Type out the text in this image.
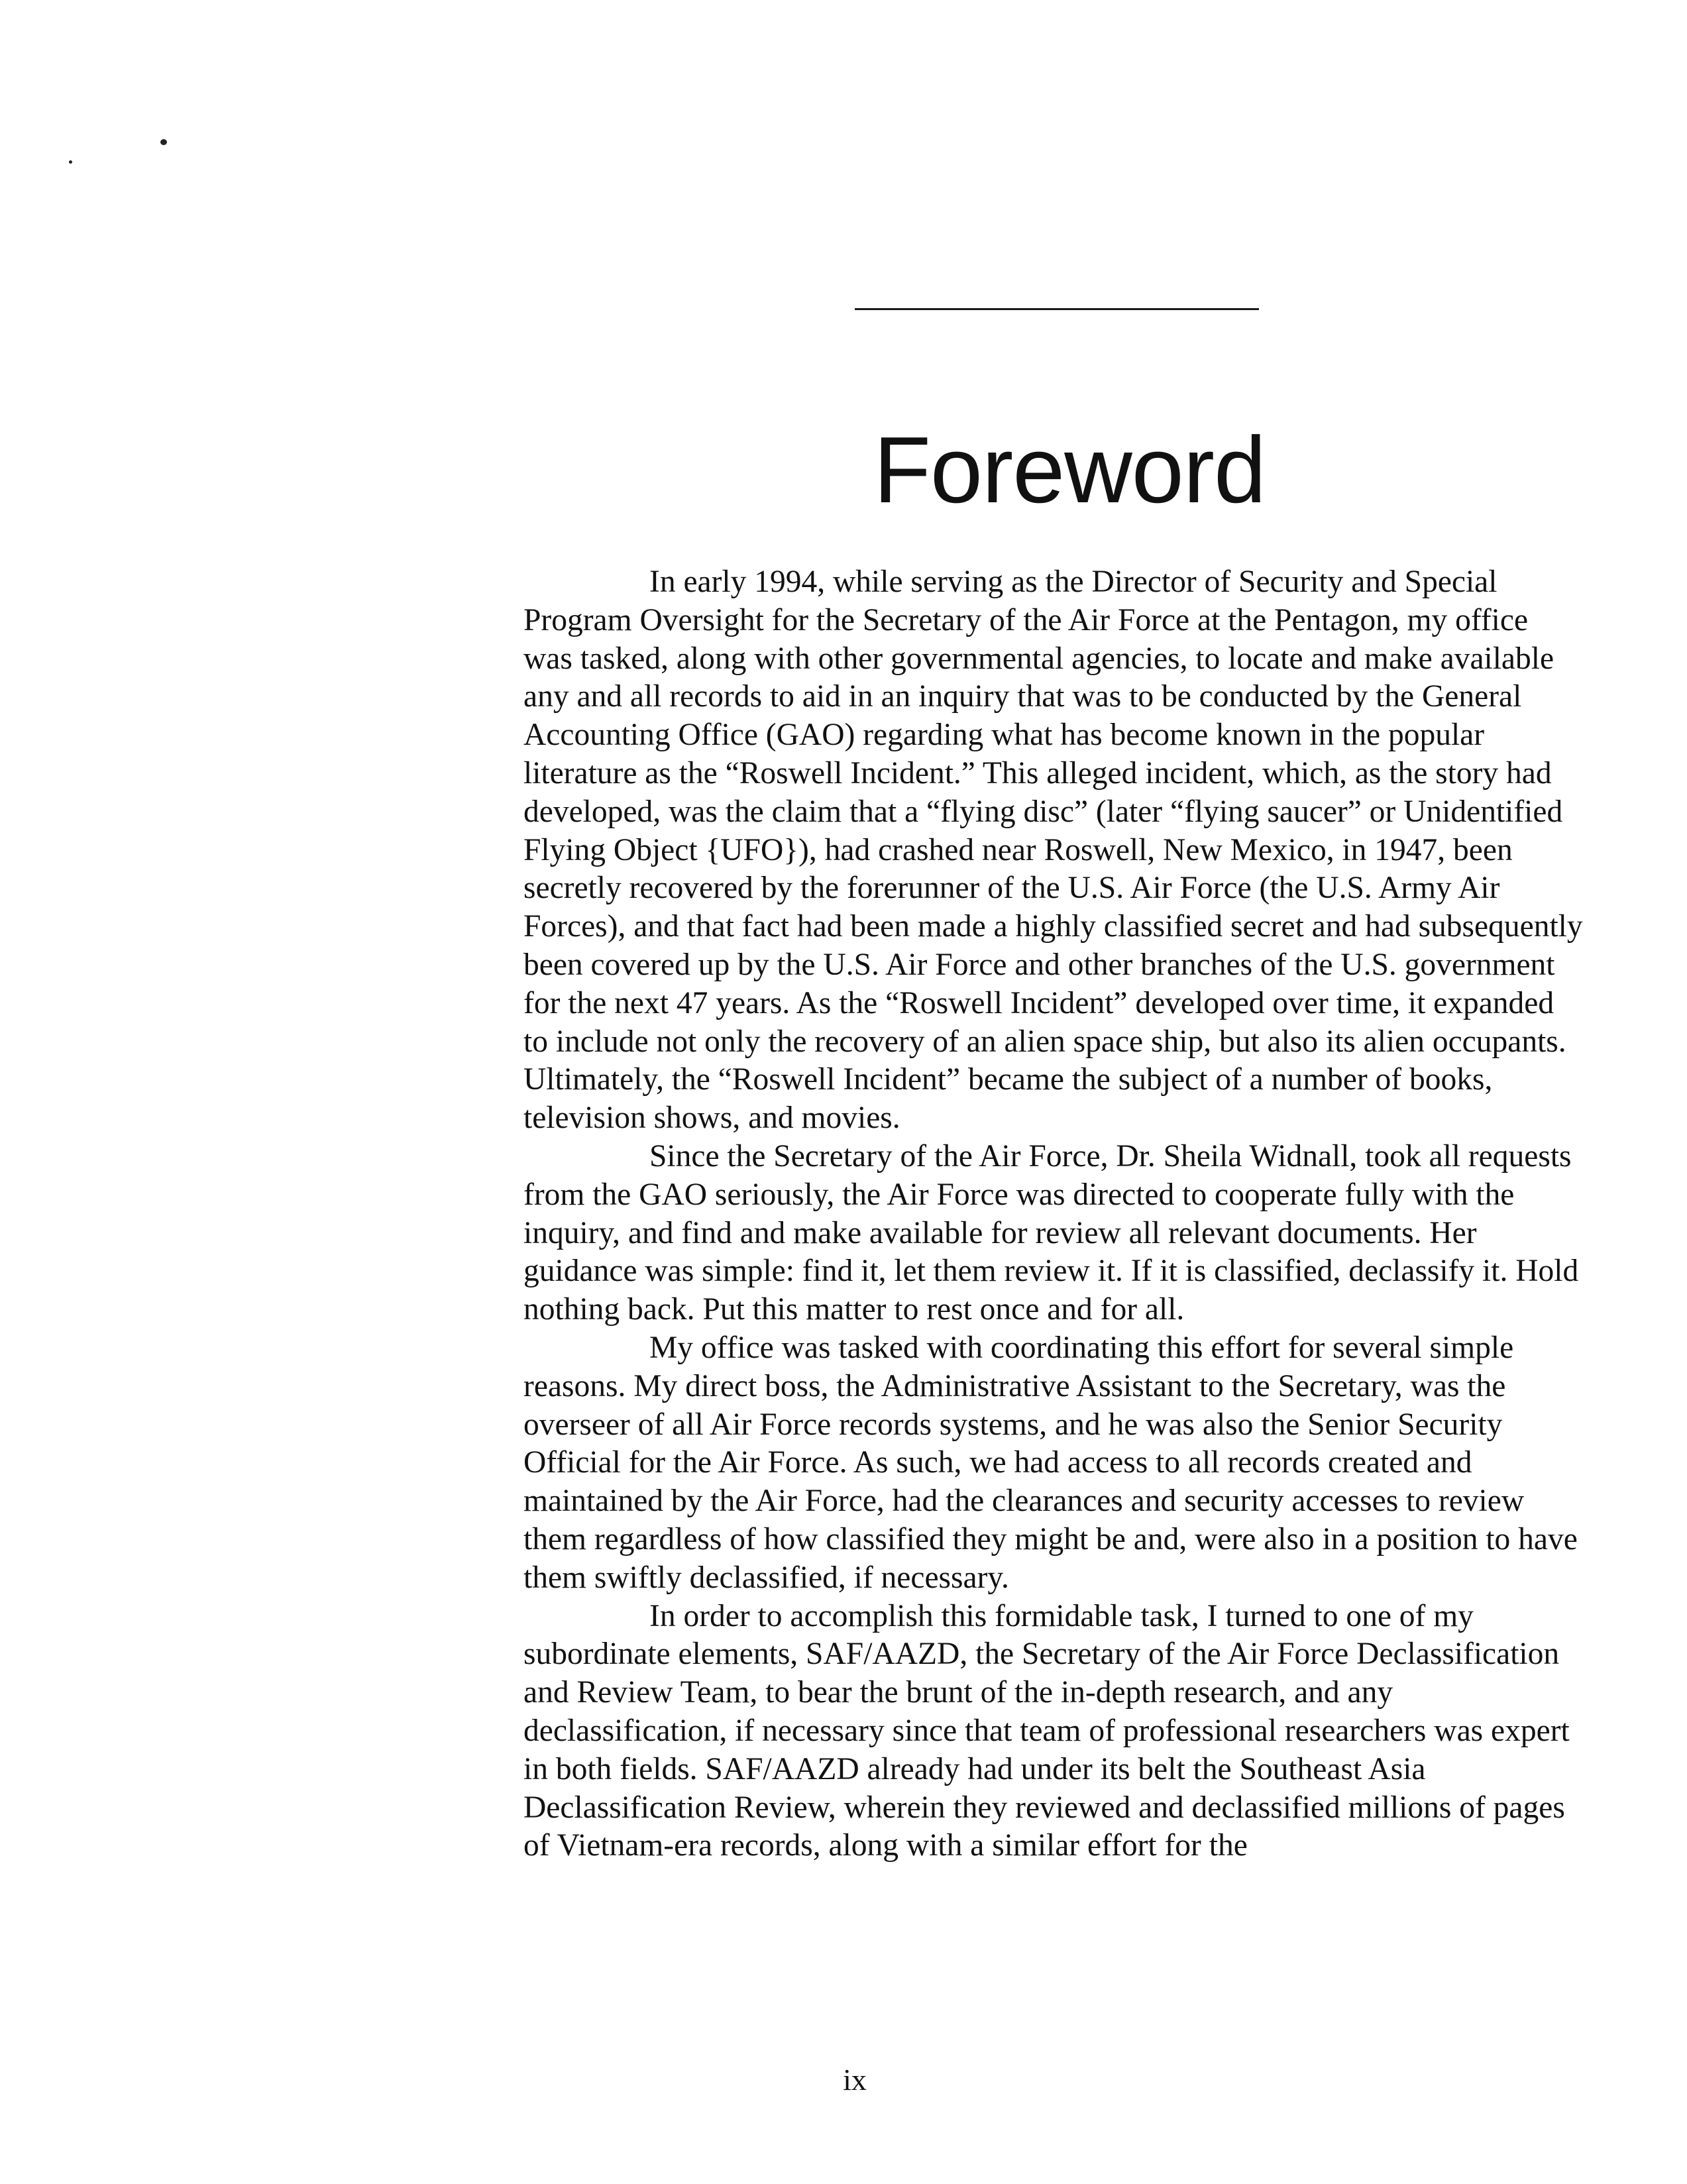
Foreword

In early 1994, while serving as the Director of Security and Special Program Oversight for the Secretary of the Air Force at the Pentagon, my office was tasked, along with other governmental agencies, to locate and make available any and all records to aid in an inquiry that was to be conducted by the General Accounting Office (GAO) regarding what has become known in the popular literature as the “Roswell Incident.” This alleged incident, which, as the story had developed, was the claim that a “flying disc” (later “flying saucer” or Unidentified Flying Object {UFO}), had crashed near Roswell, New Mexico, in 1947, been secretly recovered by the forerunner of the U.S. Air Force (the U.S. Army Air Forces), and that fact had been made a highly classified secret and had subsequently been covered up by the U.S. Air Force and other branches of the U.S. government for the next 47 years. As the “Roswell Incident” developed over time, it expanded to include not only the recovery of an alien space ship, but also its alien occupants. Ultimately, the “Roswell Incident” became the subject of a number of books, television shows, and movies.

Since the Secretary of the Air Force, Dr. Sheila Widnall, took all requests from the GAO seriously, the Air Force was directed to cooperate fully with the inquiry, and find and make available for review all relevant documents. Her guidance was simple: find it, let them review it. If it is classified, declassify it. Hold nothing back. Put this matter to rest once and for all.

My office was tasked with coordinating this effort for several simple reasons. My direct boss, the Administrative Assistant to the Secretary, was the overseer of all Air Force records systems, and he was also the Senior Security Official for the Air Force. As such, we had access to all records created and maintained by the Air Force, had the clearances and security accesses to review them regardless of how classified they might be and, were also in a position to have them swiftly declassified, if necessary.

In order to accomplish this formidable task, I turned to one of my subordinate elements, SAF/AAZD, the Secretary of the Air Force Declassification and Review Team, to bear the brunt of the in-depth research, and any declassification, if necessary since that team of professional researchers was expert in both fields. SAF/AAZD already had under its belt the Southeast Asia Declassification Review, wherein they reviewed and declassified millions of pages of Vietnam-era records, along with a similar effort for the

ix
